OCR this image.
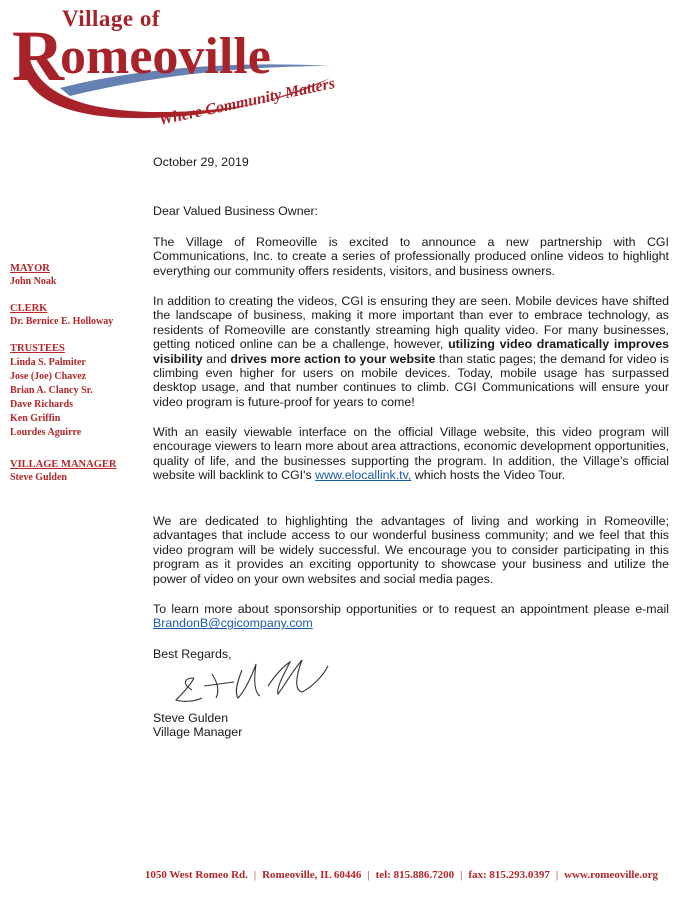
R
Village of
omeoville
Where Community Matters
MAYOR
John Noak
CLERK
Dr. Bernice E. Holloway
TRUSTEES
Linda S. Palmiter
Jose (Joe) Chavez
Brian A. Clancy Sr.
Dave Richards
Ken Griffin
Lourdes Aguirre
VILLAGE MANAGER
Steve Gulden
October 29, 2019
Dear Valued Business Owner:
The Village of Romeoville is excited to announce a new partnership with CGI Communications, Inc. to create a series of professionally produced online videos to highlight everything our community offers residents, visitors, and business owners.
In addition to creating the videos, CGI is ensuring they are seen. Mobile devices have shifted the landscape of business, making it more important than ever to embrace technology, as residents of Romeoville are constantly streaming high quality video. For many businesses, getting noticed online can be a challenge, however, utilizing video dramatically improves visibility and drives more action to your website than static pages; the demand for video is climbing even higher for users on mobile devices. Today, mobile usage has surpassed desktop usage, and that number continues to climb. CGI Communications will ensure your video program is future-proof for years to come!
With an easily viewable interface on the official Village website, this video program will encourage viewers to learn more about area attractions, economic development opportunities, quality of life, and the businesses supporting the program. In addition, the Village's official website will backlink to CGI's www.elocallink.tv, which hosts the Video Tour.
We are dedicated to highlighting the advantages of living and working in Romeoville; advantages that include access to our wonderful business community; and we feel that this video program will be widely successful. We encourage you to consider participating in this program as it provides an exciting opportunity to showcase your business and utilize the power of video on your own websites and social media pages.
To learn more about sponsorship opportunities or to request an appointment please e-mail BrandonB@cgicompany.com
Best Regards,
Steve Gulden
Village Manager
1050 West Romeo Rd. | Romeoville, IL 60446 | tel: 815.886.7200 | fax: 815.293.0397 | www.romeoville.org
